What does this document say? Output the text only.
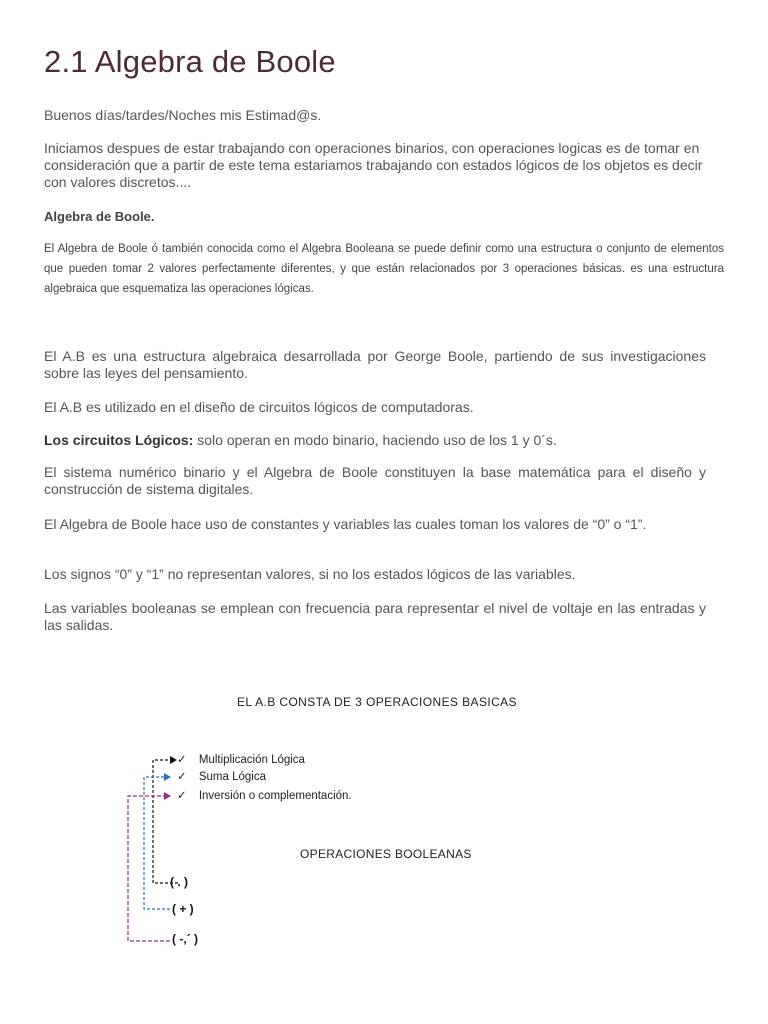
2.1 Algebra de Boole

Buenos días/tardes/Noches mis Estimad@s.

Iniciamos despues de estar trabajando con operaciones binarios, con operaciones logicas es de tomar en consideración que a partir de este tema estariamos trabajando con estados lógicos de los objetos es decir con valores discretos....

Algebra de Boole.

El Algebra de Boole ó también conocida como el Algebra Booleana se puede definir como una estructura o conjunto de elementos que pueden tomar 2 valores perfectamente diferentes, y que están relacionados por 3 operaciones básicas. es una estructura algebraica que esquematiza las operaciones lógicas.

El A.B es una estructura algebraica desarrollada por George Boole, partiendo de sus investigaciones sobre las leyes del pensamiento.

El A.B es utilizado en el diseño de circuitos lógicos de computadoras.

Los circuitos Lógicos: solo operan en modo binario, haciendo uso de los 1 y 0´s.

El sistema numérico binario y el Algebra de Boole constituyen la base matemática para el diseño y construcción de sistema digitales.

El Algebra de Boole hace uso de constantes y variables las cuales toman los valores de “0” o “1”.

Los signos “0” y “1” no representan valores, si no los estados lógicos de las variables.

Las variables booleanas se emplean con frecuencia para representar el nivel de voltaje en las entradas y las salidas.

EL A.B CONSTA DE 3 OPERACIONES BASICAS
✓ Multiplicación Lógica
✓ Suma Lógica
✓ Inversión o complementación.
OPERACIONES BOOLEANAS
( . )
( + )
( -,´ )
